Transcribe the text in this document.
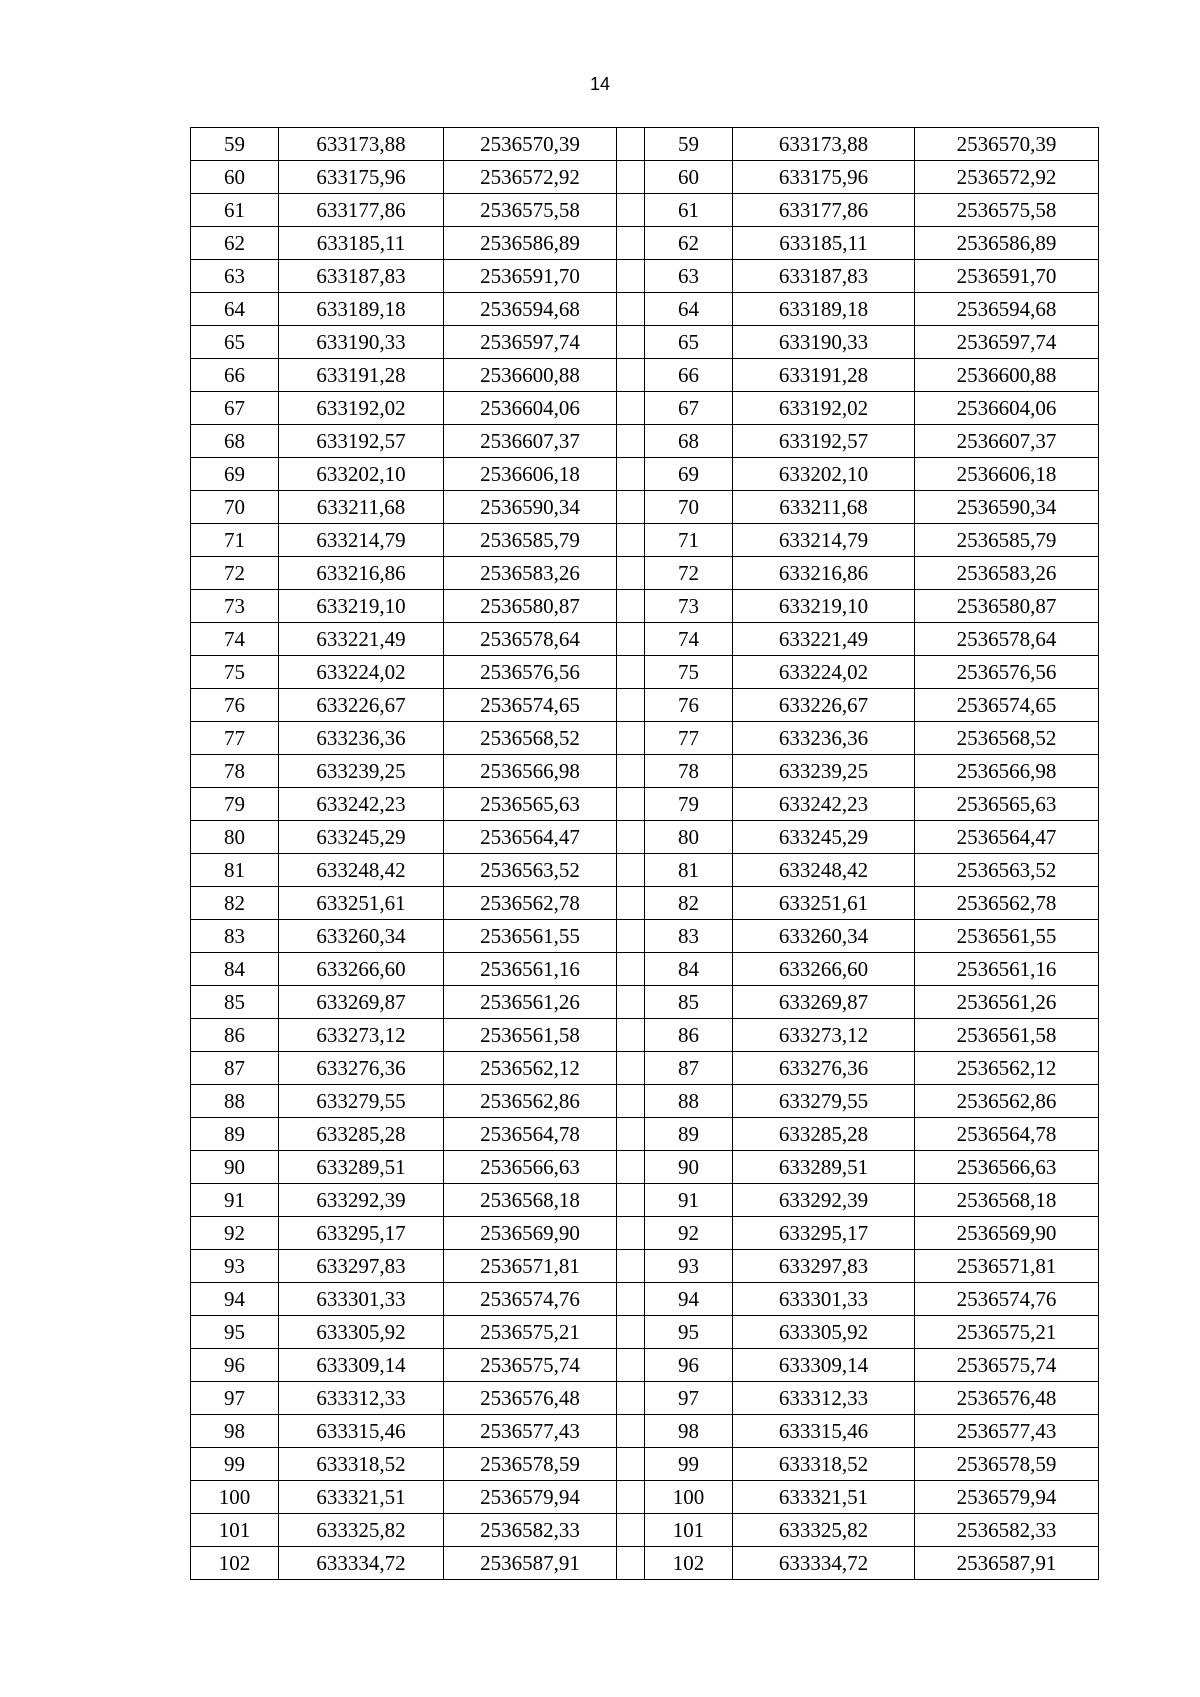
14
59	633173,88	2536570,39		59	633173,88	2536570,39
60	633175,96	2536572,92		60	633175,96	2536572,92
61	633177,86	2536575,58		61	633177,86	2536575,58
62	633185,11	2536586,89		62	633185,11	2536586,89
63	633187,83	2536591,70		63	633187,83	2536591,70
64	633189,18	2536594,68		64	633189,18	2536594,68
65	633190,33	2536597,74		65	633190,33	2536597,74
66	633191,28	2536600,88		66	633191,28	2536600,88
67	633192,02	2536604,06		67	633192,02	2536604,06
68	633192,57	2536607,37		68	633192,57	2536607,37
69	633202,10	2536606,18		69	633202,10	2536606,18
70	633211,68	2536590,34		70	633211,68	2536590,34
71	633214,79	2536585,79		71	633214,79	2536585,79
72	633216,86	2536583,26		72	633216,86	2536583,26
73	633219,10	2536580,87		73	633219,10	2536580,87
74	633221,49	2536578,64		74	633221,49	2536578,64
75	633224,02	2536576,56		75	633224,02	2536576,56
76	633226,67	2536574,65		76	633226,67	2536574,65
77	633236,36	2536568,52		77	633236,36	2536568,52
78	633239,25	2536566,98		78	633239,25	2536566,98
79	633242,23	2536565,63		79	633242,23	2536565,63
80	633245,29	2536564,47		80	633245,29	2536564,47
81	633248,42	2536563,52		81	633248,42	2536563,52
82	633251,61	2536562,78		82	633251,61	2536562,78
83	633260,34	2536561,55		83	633260,34	2536561,55
84	633266,60	2536561,16		84	633266,60	2536561,16
85	633269,87	2536561,26		85	633269,87	2536561,26
86	633273,12	2536561,58		86	633273,12	2536561,58
87	633276,36	2536562,12		87	633276,36	2536562,12
88	633279,55	2536562,86		88	633279,55	2536562,86
89	633285,28	2536564,78		89	633285,28	2536564,78
90	633289,51	2536566,63		90	633289,51	2536566,63
91	633292,39	2536568,18		91	633292,39	2536568,18
92	633295,17	2536569,90		92	633295,17	2536569,90
93	633297,83	2536571,81		93	633297,83	2536571,81
94	633301,33	2536574,76		94	633301,33	2536574,76
95	633305,92	2536575,21		95	633305,92	2536575,21
96	633309,14	2536575,74		96	633309,14	2536575,74
97	633312,33	2536576,48		97	633312,33	2536576,48
98	633315,46	2536577,43		98	633315,46	2536577,43
99	633318,52	2536578,59		99	633318,52	2536578,59
100	633321,51	2536579,94		100	633321,51	2536579,94
101	633325,82	2536582,33		101	633325,82	2536582,33
102	633334,72	2536587,91		102	633334,72	2536587,91
